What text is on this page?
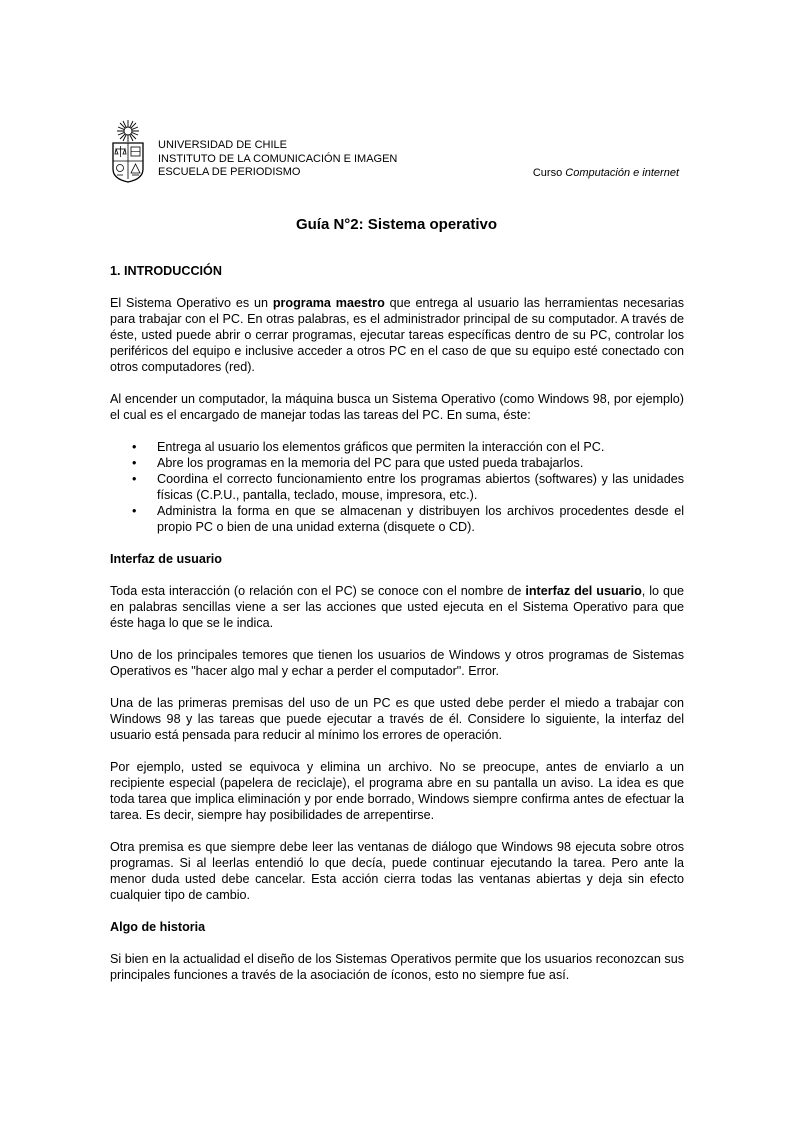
UNIVERSIDAD DE CHILE
INSTITUTO DE LA COMUNICACIÓN E IMAGEN
ESCUELA DE PERIODISMO	Curso Computación e internet
Guía N°2: Sistema operativo
1. INTRODUCCIÓN

El Sistema Operativo es un programa maestro que entrega al usuario las herramientas necesarias para trabajar con el PC. En otras palabras, es el administrador principal de su computador. A través de éste, usted puede abrir o cerrar programas, ejecutar tareas específicas dentro de su PC, controlar los periféricos del equipo e inclusive acceder a otros PC en el caso de que su equipo esté conectado con otros computadores (red).

Al encender un computador, la máquina busca un Sistema Operativo (como Windows 98, por ejemplo) el cual es el encargado de manejar todas las tareas del PC. En suma, éste:

• Entrega al usuario los elementos gráficos que permiten la interacción con el PC.
• Abre los programas en la memoria del PC para que usted pueda trabajarlos.
• Coordina el correcto funcionamiento entre los programas abiertos (softwares) y las unidades físicas (C.P.U., pantalla, teclado, mouse, impresora, etc.).
• Administra la forma en que se almacenan y distribuyen los archivos procedentes desde el propio PC o bien de una unidad externa (disquete o CD).
Interfaz de usuario

Toda esta interacción (o relación con el PC) se conoce con el nombre de interfaz del usuario, lo que en palabras sencillas viene a ser las acciones que usted ejecuta en el Sistema Operativo para que éste haga lo que se le indica.

Uno de los principales temores que tienen los usuarios de Windows y otros programas de Sistemas Operativos es "hacer algo mal y echar a perder el computador". Error.

Una de las primeras premisas del uso de un PC es que usted debe perder el miedo a trabajar con Windows 98 y las tareas que puede ejecutar a través de él. Considere lo siguiente, la interfaz del usuario está pensada para reducir al mínimo los errores de operación.

Por ejemplo, usted se equivoca y elimina un archivo. No se preocupe, antes de enviarlo a un recipiente especial (papelera de reciclaje), el programa abre en su pantalla un aviso. La idea es que toda tarea que implica eliminación y por ende borrado, Windows siempre confirma antes de efectuar la tarea. Es decir, siempre hay posibilidades de arrepentirse.

Otra premisa es que siempre debe leer las ventanas de diálogo que Windows 98 ejecuta sobre otros programas. Si al leerlas entendió lo que decía, puede continuar ejecutando la tarea. Pero ante la menor duda usted debe cancelar. Esta acción cierra todas las ventanas abiertas y deja sin efecto cualquier tipo de cambio.

Algo de historia

Si bien en la actualidad el diseño de los Sistemas Operativos permite que los usuarios reconozcan sus principales funciones a través de la asociación de íconos, esto no siempre fue así.
